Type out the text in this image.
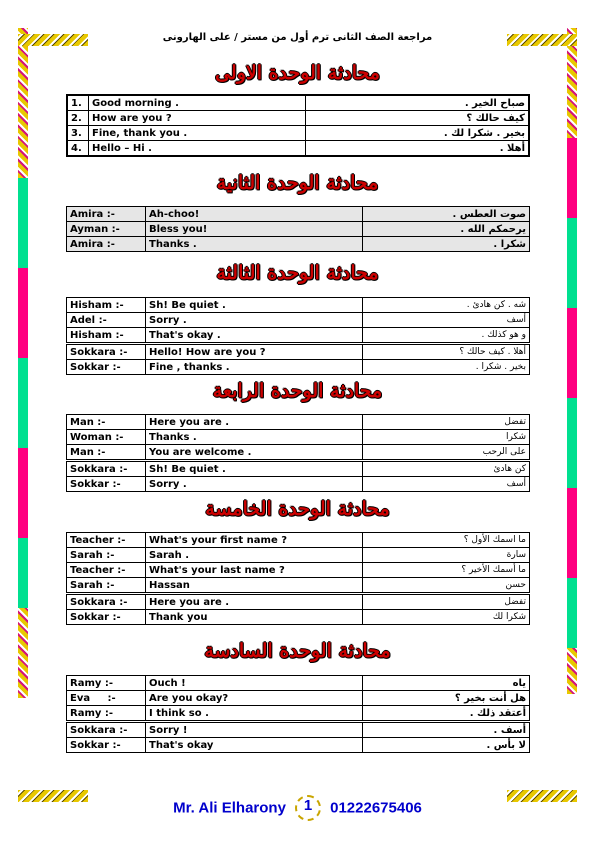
مراجعة الصف الثانى ترم أول من مستر / على الهارونى
محادثة الوحدة الاولى
1.	Good morning .	صباح الخير .
2.	How are you ?	كيف حالك ؟
3.	Fine, thank you .	بخير . شكرا لك .
4.	Hello – Hi .	أهلا .
محادثة الوحدة الثانية
Amira :-	Ah-choo!	صوت العطس .
Ayman :-	Bless you!	يرحمكم الله .
Amira :-	Thanks .	شكرا .
محادثة الوحدة الثالثة
Hisham :-	Sh! Be quiet .	شه . كن هادئ .
Adel :-	Sorry .	أسف
Hisham :-	That's okay .	و هو كذلك .
Sokkara :-	Hello! How are you ?	أهلا . كيف حالك ؟
Sokkar :-	Fine , thanks .	بخير . شكرا .
محادثة الوحدة الرابعة
Man :-	Here you are .	تفضل
Woman :-	Thanks .	شكرا
Man :-	You are welcome .	على الرحب
Sokkara :-	Sh! Be quiet .	كن هادئ
Sokkar :-	Sorry .	أسف
محادثة الوحدة الخامسة
Teacher :-	What's your first name ?	ما اسمك الأول ؟
Sarah :-	Sarah .	سارة
Teacher :-	What's your last name ?	ما أسمك الأخير ؟
Sarah :-	Hassan	حسن
Sokkara :-	Here you are .	تفضل
Sokkar :-	Thank you	شكرا لك
محادثة الوحدة السادسة
Ramy :-	Ouch !	ياه
Eva     :-	Are you okay?	هل أنت بخير ؟
Ramy :-	I think so .	أعتقد ذلك .
Sokkara :-	Sorry !	أسف .
Sokkar :-	That's okay	لا بأس .
Mr. Ali Elharony 1 01222675406
